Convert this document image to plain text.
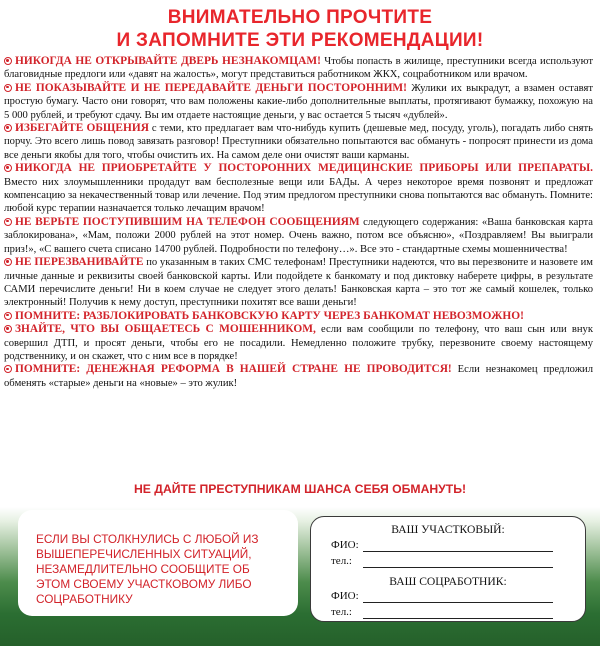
ВНИМАТЕЛЬНО ПРОЧТИТЕ
И ЗАПОМНИТЕ ЭТИ РЕКОМЕНДАЦИИ!

НИКОГДА НЕ ОТКРЫВАЙТЕ ДВЕРЬ НЕЗНАКОМЦАМ! Чтобы попасть в жилище, преступники всегда используют благовидные предлоги или «давят на жалость», могут представиться работником ЖКХ, соцработником или врачом.

НЕ ПОКАЗЫВАЙТЕ И НЕ ПЕРЕДАВАЙТЕ ДЕНЬГИ ПОСТОРОННИМ! Жулики их выкрадут, а взамен оставят простую бумагу. Часто они говорят, что вам положены какие-либо дополнительные выплаты, протягивают бумажку, похожую на 5 000 рублей, и требуют сдачу. Вы им отдаете настоящие деньги, у вас остается 5 тысяч «дублей».

ИЗБЕГАЙТЕ ОБЩЕНИЯ с теми, кто предлагает вам что-нибудь купить (дешевые мед, посуду, уголь), погадать либо снять порчу. Это всего лишь повод завязать разговор! Преступники обязательно попытаются вас обмануть - попросят принести из дома все деньги якобы для того, чтобы очистить их. На самом деле они очистят ваши карманы.

НИКОГДА НЕ ПРИОБРЕТАЙТЕ У ПОСТОРОННИХ МЕДИЦИНСКИЕ ПРИБОРЫ ИЛИ ПРЕПАРАТЫ. Вместо них злоумышленники продадут вам бесполезные вещи или БАДы. А через некоторое время позвонят и предложат компенсацию за некачественный товар или лечение. Под этим предлогом преступники снова попытаются вас обмануть. Помните: любой курс терапии назначается только лечащим врачом!

НЕ ВЕРЬТЕ ПОСТУПИВШИМ НА ТЕЛЕФОН СООБЩЕНИЯМ следующего содержания: «Ваша банковская карта заблокирована», «Мам, положи 2000 рублей на этот номер. Очень важно, потом все объясню», «Поздравляем! Вы выиграли приз!», «С вашего счета списано 14700 рублей. Подробности по телефону…». Все это - стандартные схемы мошенничества!

НЕ ПЕРЕЗВАНИВАЙТЕ по указанным в таких СМС телефонам! Преступники надеются, что вы перезвоните и назовете им личные данные и реквизиты своей банковской карты. Или подойдете к банкомату и под диктовку наберете цифры, в результате САМИ перечислите деньги! Ни в коем случае не следует этого делать! Банковская карта – это тот же самый кошелек, только электронный! Получив к нему доступ, преступники похитят все ваши деньги!

ПОМНИТЕ: РАЗБЛОКИРОВАТЬ БАНКОВСКУЮ КАРТУ ЧЕРЕЗ БАНКОМАТ НЕВОЗМОЖНО!

ЗНАЙТЕ, ЧТО ВЫ ОБЩАЕТЕСЬ С МОШЕННИКОМ, если вам сообщили по телефону, что ваш сын или внук совершил ДТП, и просят деньги, чтобы его не посадили. Немедленно положите трубку, перезвоните своему настоящему родственнику, и он скажет, что с ним все в порядке!

ПОМНИТЕ: ДЕНЕЖНАЯ РЕФОРМА В НАШЕЙ СТРАНЕ НЕ ПРОВОДИТСЯ! Если незнакомец предложил обменять «старые» деньги на «новые» – это жулик!

НЕ ДАЙТЕ ПРЕСТУПНИКАМ ШАНСА СЕБЯ ОБМАНУТЬ!
ЕСЛИ ВЫ СТОЛКНУЛИСЬ С ЛЮБОЙ ИЗ ВЫШЕПЕРЕЧИСЛЕННЫХ СИТУАЦИЙ, НЕЗАМЕДЛИТЕЛЬНО СООБЩИТЕ ОБ ЭТОМ СВОЕМУ УЧАСТКОВОМУ ЛИБО СОЦРАБОТНИКУ
ВАШ УЧАСТКОВЫЙ:
ФИО:
тел.:
ВАШ СОЦРАБОТНИК:
ФИО:
тел.:
